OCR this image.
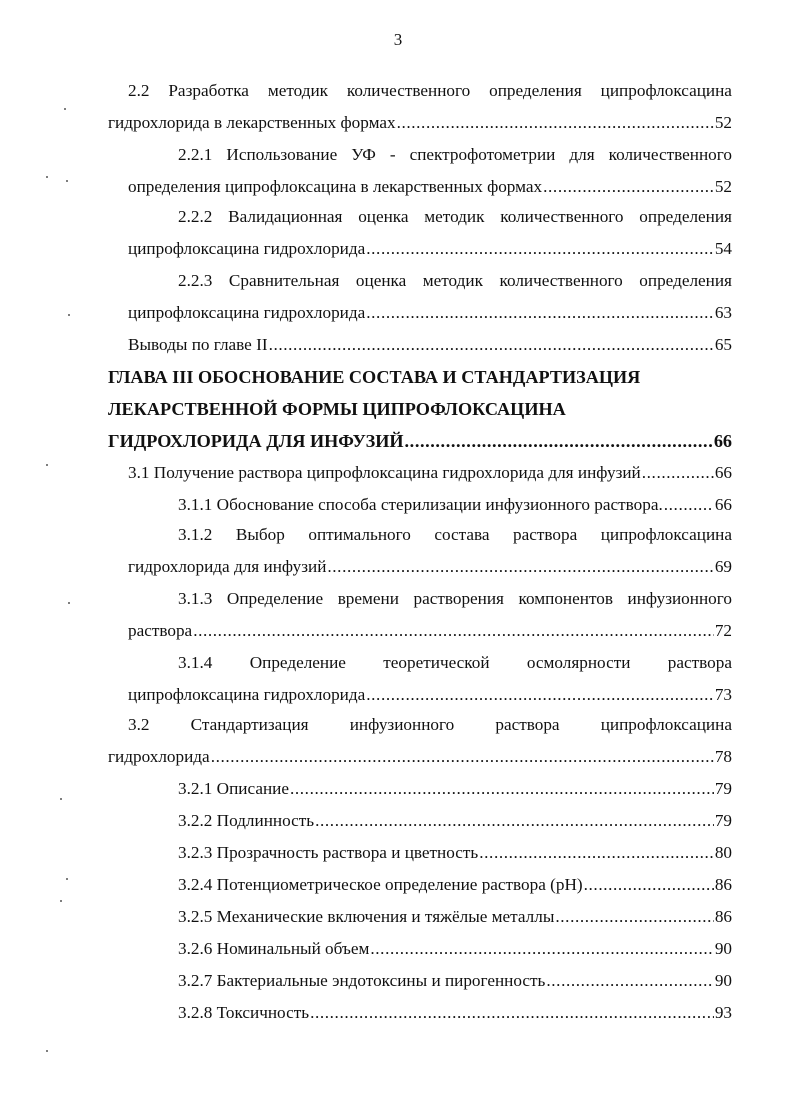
3
2.2 Разработка методик количественного определения ципрофлоксацина
гидрохлорида в лекарственных формах .....	52
2.2.1 Использование УФ - спектрофотометрии для количественного
определения ципрофлоксацина в лекарственных формах .....	52
2.2.2 Валидационная оценка методик количественного определения
ципрофлоксацина гидрохлорида .....	54
2.2.3 Сравнительная оценка методик количественного определения
ципрофлоксацина гидрохлорида .....	63
Выводы по главе II .....	65
ГЛАВА III ОБОСНОВАНИЕ СОСТАВА И СТАНДАРТИЗАЦИЯ
ЛЕКАРСТВЕННОЙ ФОРМЫ ЦИПРОФЛОКСАЦИНА
ГИДРОХЛОРИДА ДЛЯ ИНФУЗИЙ .....	66
3.1 Получение раствора ципрофлоксацина гидрохлорида для инфузий .....	66
3.1.1 Обоснование способа стерилизации инфузионного раствора. .....	66
3.1.2 Выбор оптимального состава раствора ципрофлоксацина
гидрохлорида для инфузий .....	69
3.1.3 Определение времени растворения компонентов инфузионного
раствора .....	72
3.1.4 Определение теоретической осмолярности раствора
ципрофлоксацина гидрохлорида .....	73
3.2 Стандартизация инфузионного раствора ципрофлоксацина
гидрохлорида .....	78
3.2.1 Описание .....	79
3.2.2 Подлинность .....	79
3.2.3 Прозрачность раствора и цветность .....	80
3.2.4 Потенциометрическое определение раствора (pH) .....	86
3.2.5 Механические включения и тяжёлые металлы .....	86
3.2.6 Номинальный объем .....	90
3.2.7 Бактериальные эндотоксины и пирогенность .....	90
3.2.8 Токсичность .....	93
